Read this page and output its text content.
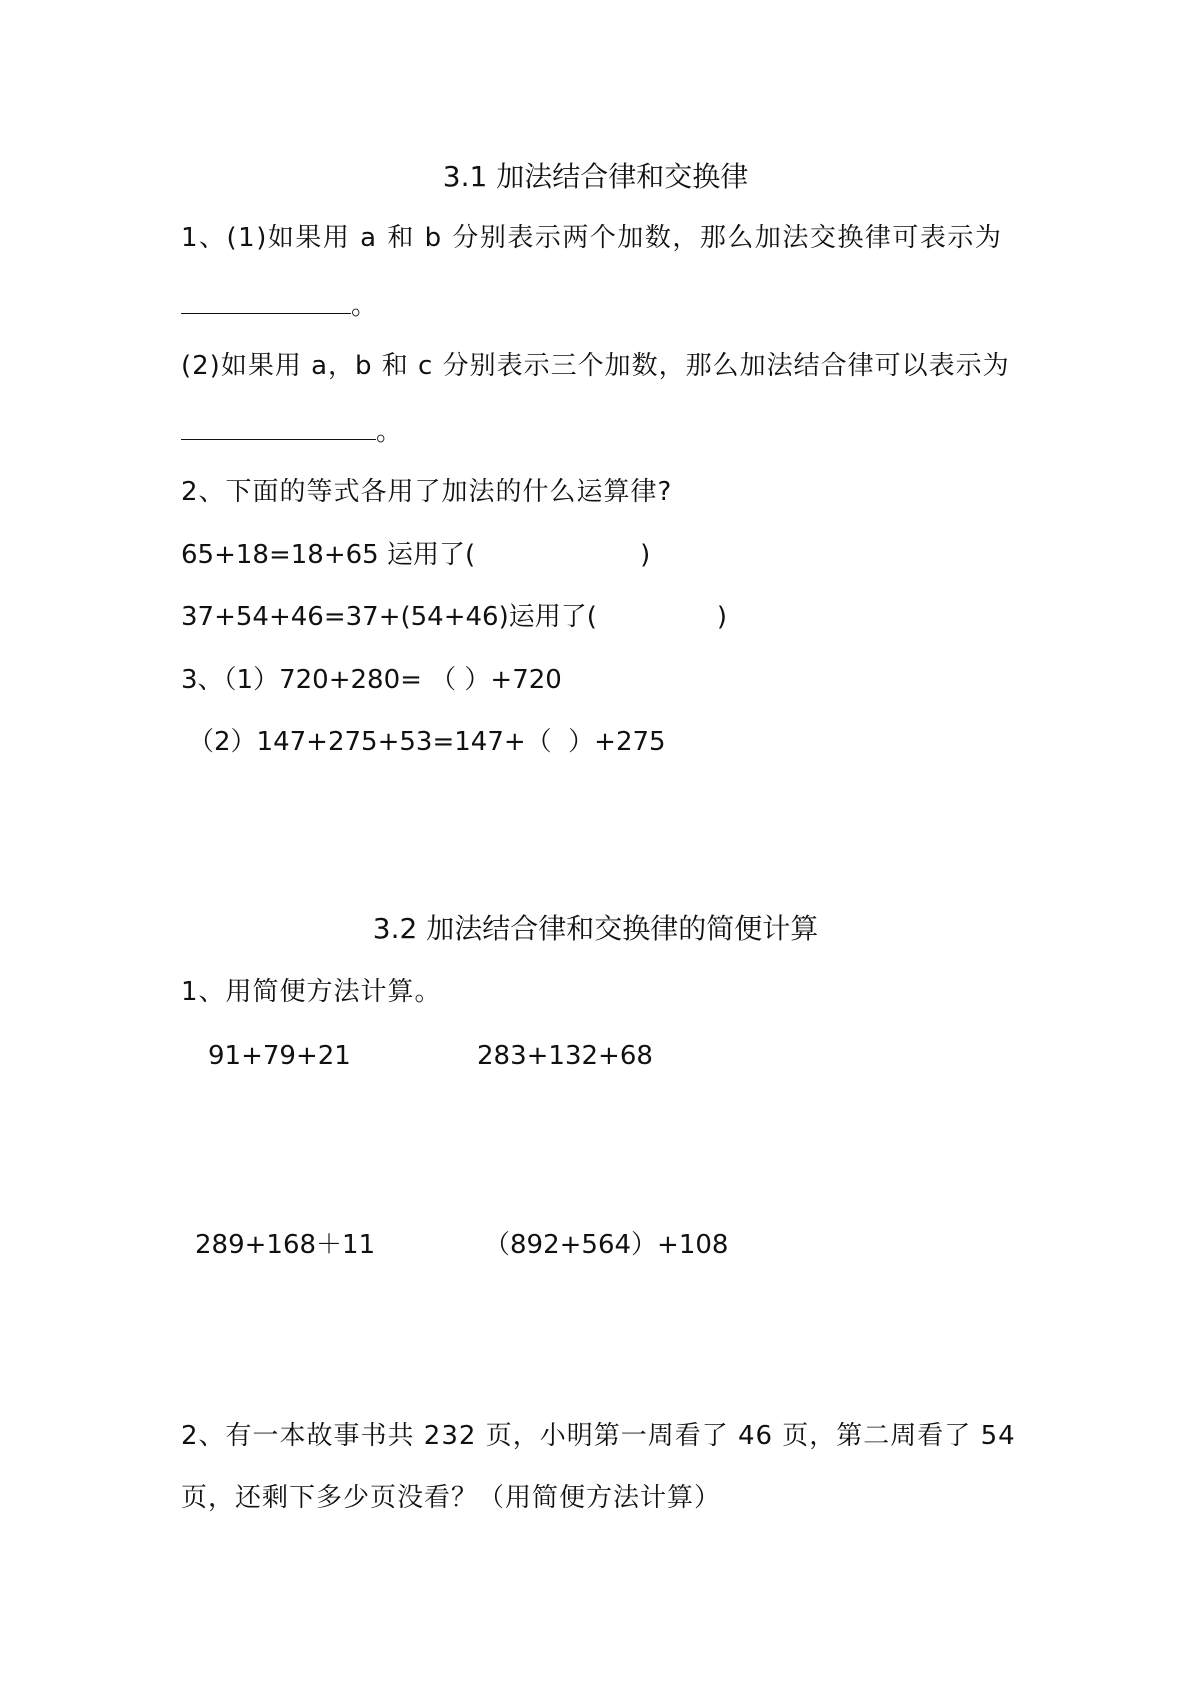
3.1 加法结合律和交换律
1、(1)如果用 a 和 b 分别表示两个加数，那么加法交换律可表示为
。
(2)如果用 a，b 和 c 分别表示三个加数，那么加法结合律可以表示为
。
2、下面的等式各用了加法的什么运算律?
65+18=18+65 运用了(	)
37+54+46=37+(54+46)运用了(	)
3、（1）720+280= （ ）+720
（2）147+275+53=147+（  ）+275
3.2 加法结合律和交换律的简便计算
1、用简便方法计算。
91+79+21	283+132+68
289+168＋11	（892+564）+108
2、有一本故事书共 232 页，小明第一周看了 46 页，第二周看了 54
页，还剩下多少页没看？（用简便方法计算）
